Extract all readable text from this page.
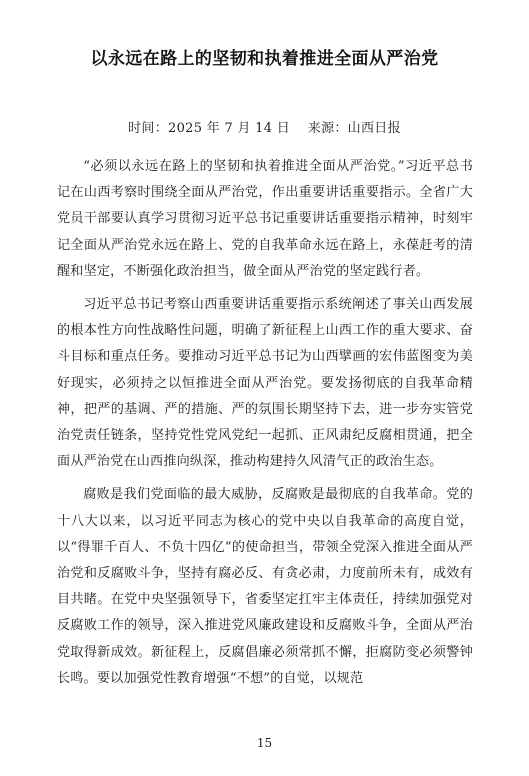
以永远在路上的坚韧和执着推进全面从严治党
时间：2025 年 7 月 14 日    来源：山西日报

“必须以永远在路上的坚韧和执着推进全面从严治党。”习近平总书记在山西考察时围绕全面从严治党，作出重要讲话重要指示。全省广大党员干部要认真学习贯彻习近平总书记重要讲话重要指示精神，时刻牢记全面从严治党永远在路上、党的自我革命永远在路上，永葆赶考的清醒和坚定，不断强化政治担当，做全面从严治党的坚定践行者。

习近平总书记考察山西重要讲话重要指示系统阐述了事关山西发展的根本性方向性战略性问题，明确了新征程上山西工作的重大要求、奋斗目标和重点任务。要推动习近平总书记为山西擘画的宏伟蓝图变为美好现实，必须持之以恒推进全面从严治党。要发扬彻底的自我革命精神，把严的基调、严的措施、严的氛围长期坚持下去，进一步夯实管党治党责任链条，坚持党性党风党纪一起抓、正风肃纪反腐相贯通，把全面从严治党在山西推向纵深，推动构建持久风清气正的政治生态。

腐败是我们党面临的最大威胁，反腐败是最彻底的自我革命。党的十八大以来，以习近平同志为核心的党中央以自我革命的高度自觉，以“得罪千百人、不负十四亿”的使命担当，带领全党深入推进全面从严治党和反腐败斗争，坚持有腐必反、有贪必肃，力度前所未有，成效有目共睹。在党中央坚强领导下，省委坚定扛牢主体责任，持续加强党对反腐败工作的领导，深入推进党风廉政建设和反腐败斗争，全面从严治党取得新成效。新征程上，反腐倡廉必须常抓不懈，拒腐防变必须警钟长鸣。要以加强党性教育增强“不想”的自觉，以规范

15
